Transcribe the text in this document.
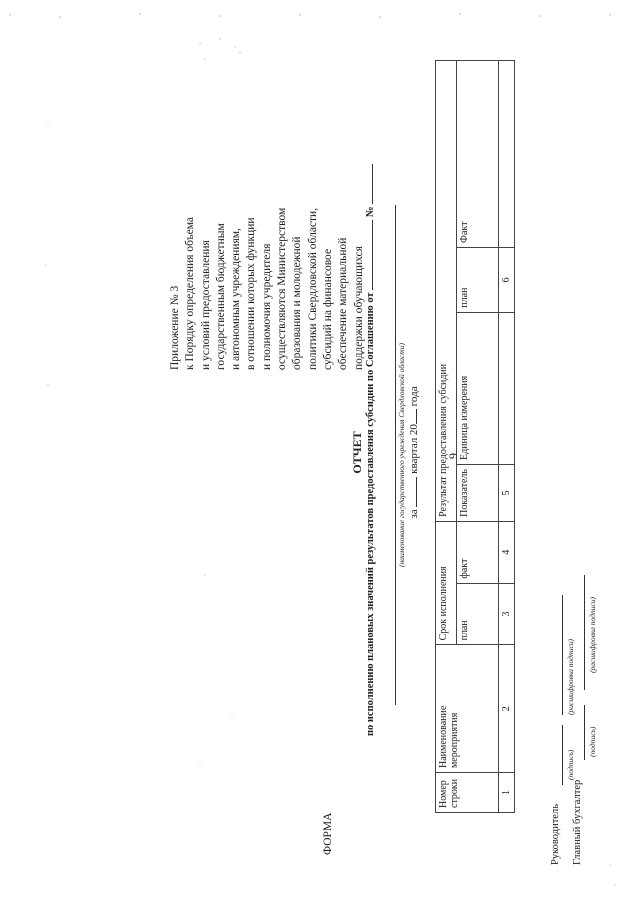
9
Приложение № 3 к Порядку определения объема и условий предоставления государственным бюджетным и автономным учреждениям, в отношении которых функции и полномочия учредителя осуществляются Министерством образования и молодежной политики Свердловской области, субсидий на финансовое обеспечение материальной поддержки обучающихся
ФОРМА
ОТЧЕТ по исполнению плановых значений результатов предоставления субсидии по Соглашению от  №
(наименование государственного учреждения Свердловской области) за  квартал 20 года
Номер строки	Наименование мероприятия	Срок исполнения		Результат предоставления субсидии			
		план	факт	Показатель	Единица измерения	план	Факт
1	2	3	4	5		6	
Руководитель
(подпись)
(расшифровка подписи)
Главный бухгалтер
(подпись)
(расшифровка подписи)
